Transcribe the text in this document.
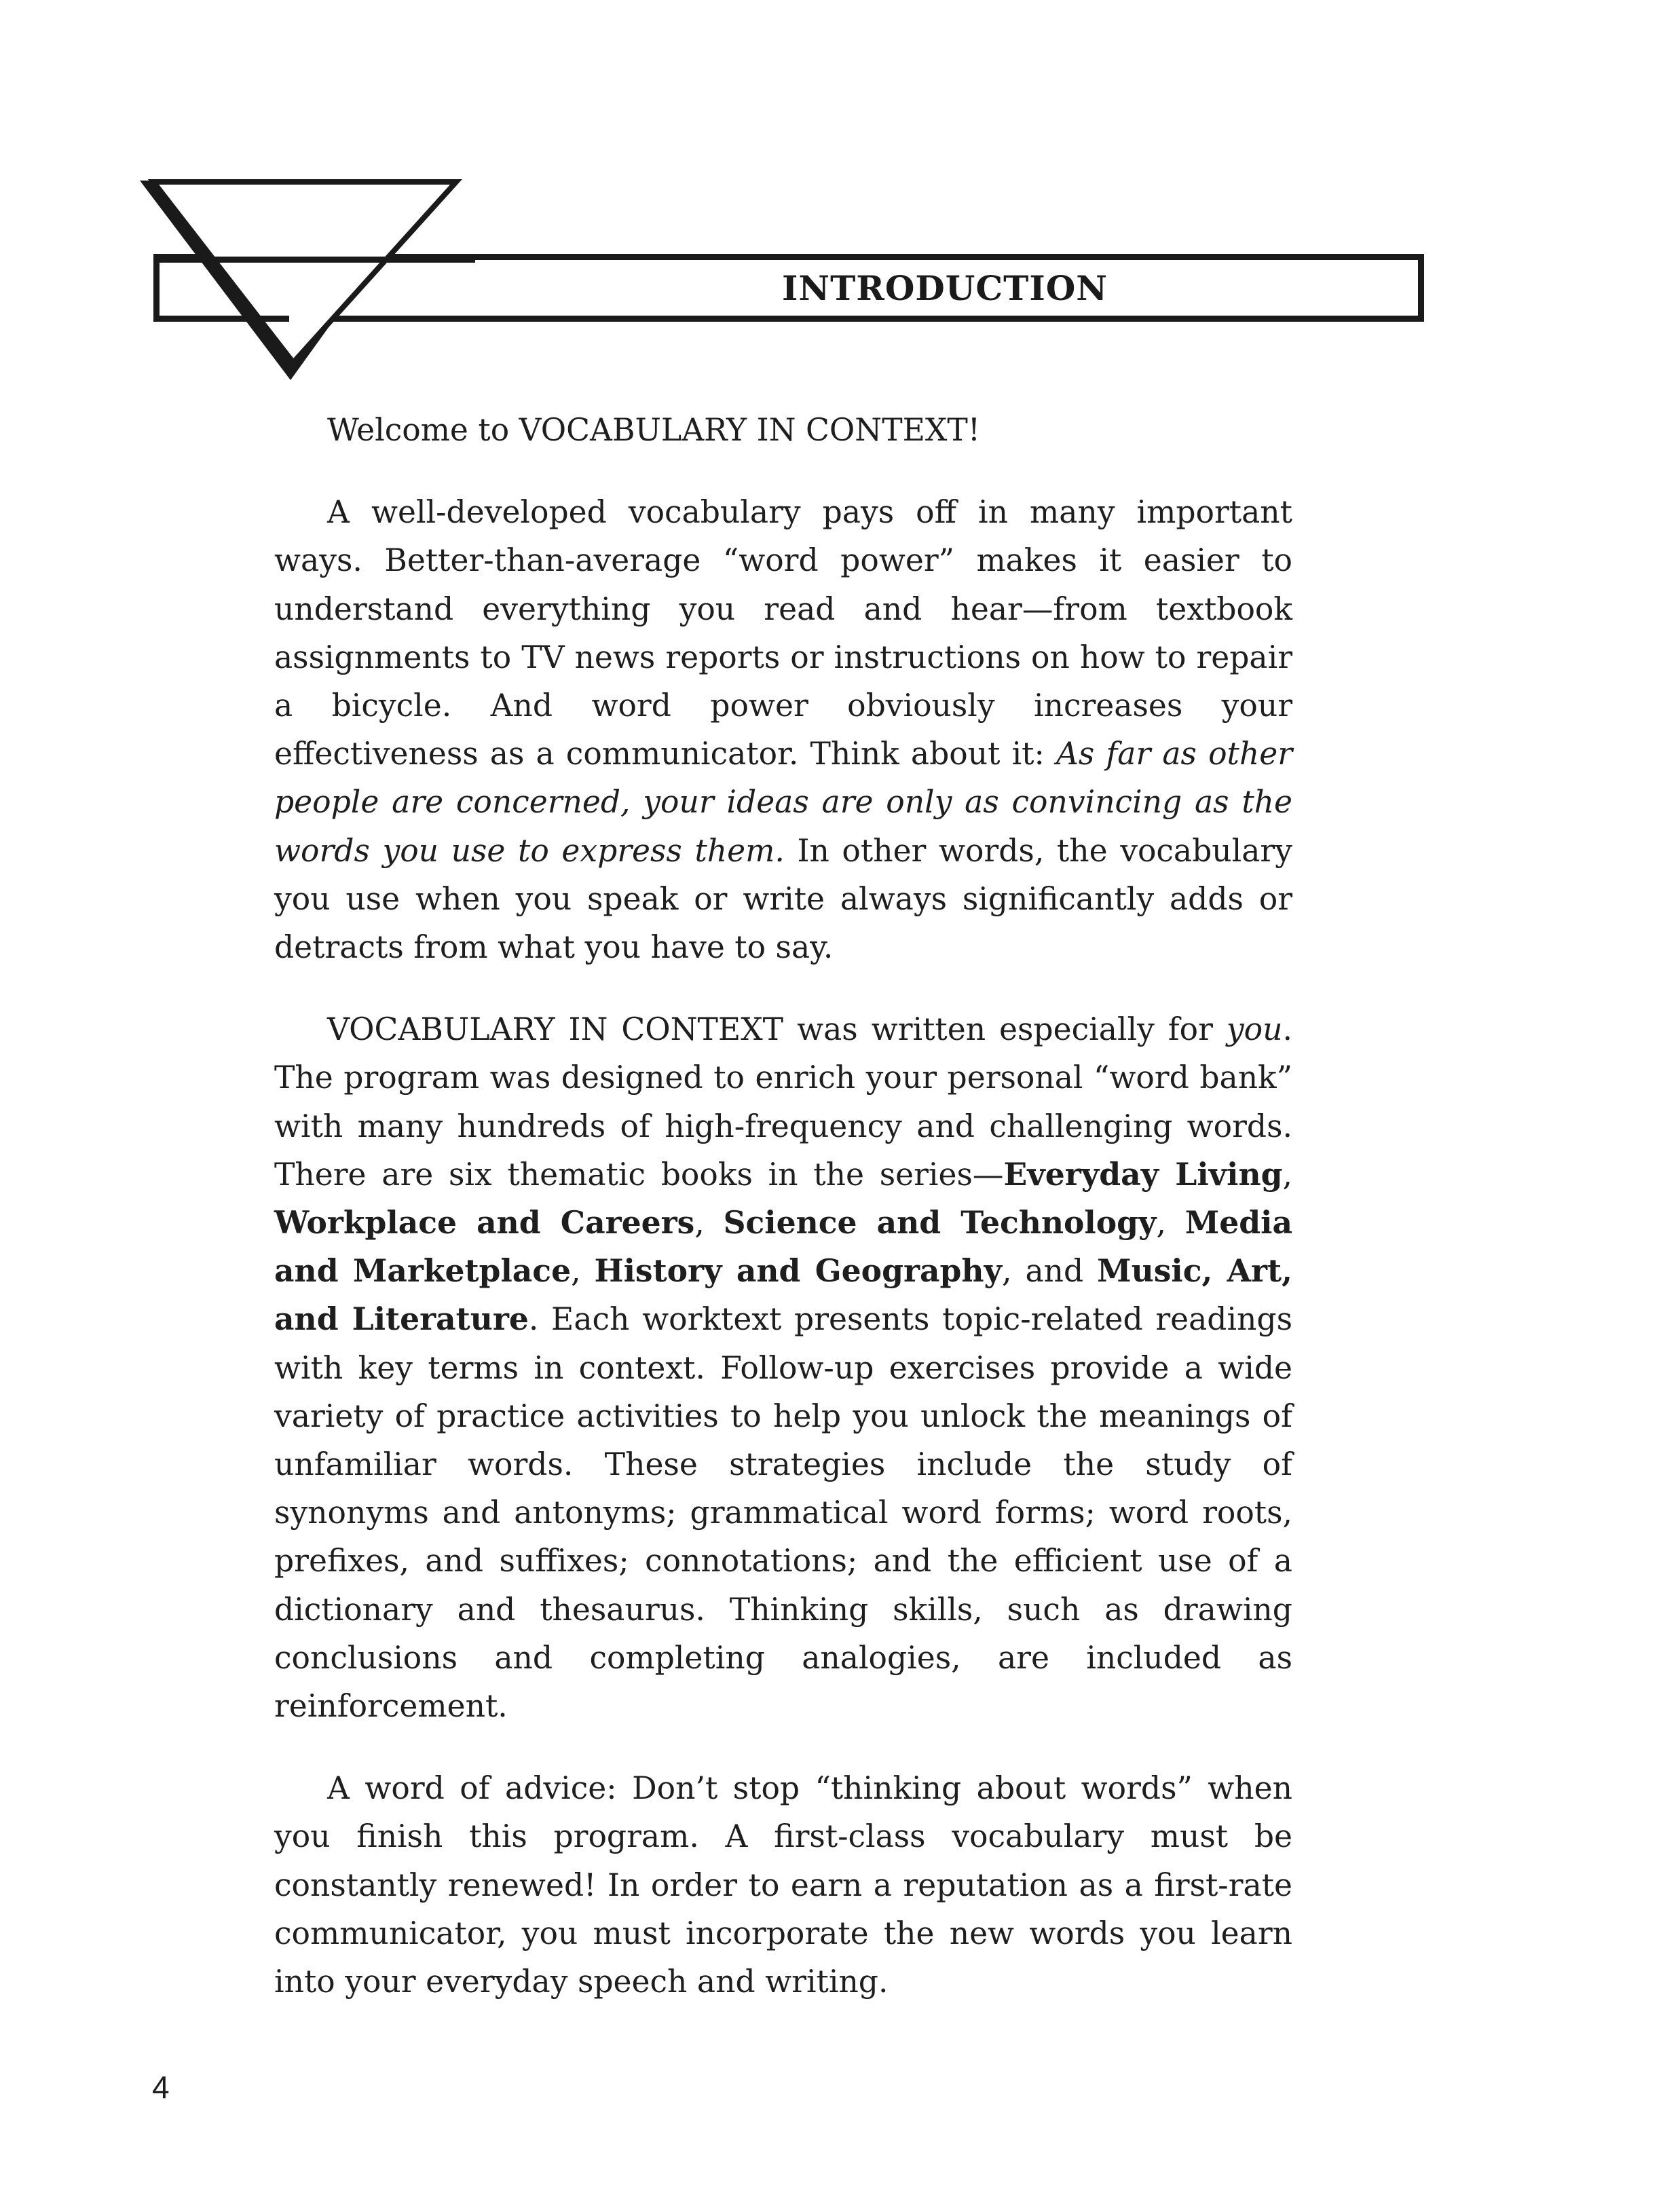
INTRODUCTION

Welcome to VOCABULARY IN CONTEXT!

A well-developed vocabulary pays off in many important ways. Better-than-average “word power” makes it easier to understand everything you read and hear—from textbook assignments to TV news reports or instructions on how to repair a bicycle. And word power obviously increases your effectiveness as a communicator. Think about it: As far as other people are concerned, your ideas are only as convincing as the words you use to express them. In other words, the vocabulary you use when you speak or write always significantly adds or detracts from what you have to say.

VOCABULARY IN CONTEXT was written especially for you. The program was designed to enrich your personal “word bank” with many hundreds of high-frequency and challenging words. There are six thematic books in the series—Everyday Living, Workplace and Careers, Science and Technology, Media and Marketplace, History and Geography, and Music, Art, and Literature. Each worktext presents topic-related readings with key terms in context. Follow-up exercises provide a wide variety of practice activities to help you unlock the meanings of unfamiliar words. These strategies include the study of synonyms and antonyms; grammatical word forms; word roots, prefixes, and suffixes; connotations; and the efficient use of a dictionary and thesaurus. Thinking skills, such as drawing conclusions and completing analogies, are included as reinforcement.

A word of advice: Don’t stop “thinking about words” when you finish this program. A first-class vocabulary must be constantly renewed! In order to earn a reputation as a first-rate communicator, you must incorporate the new words you learn into your everyday speech and writing.

4
